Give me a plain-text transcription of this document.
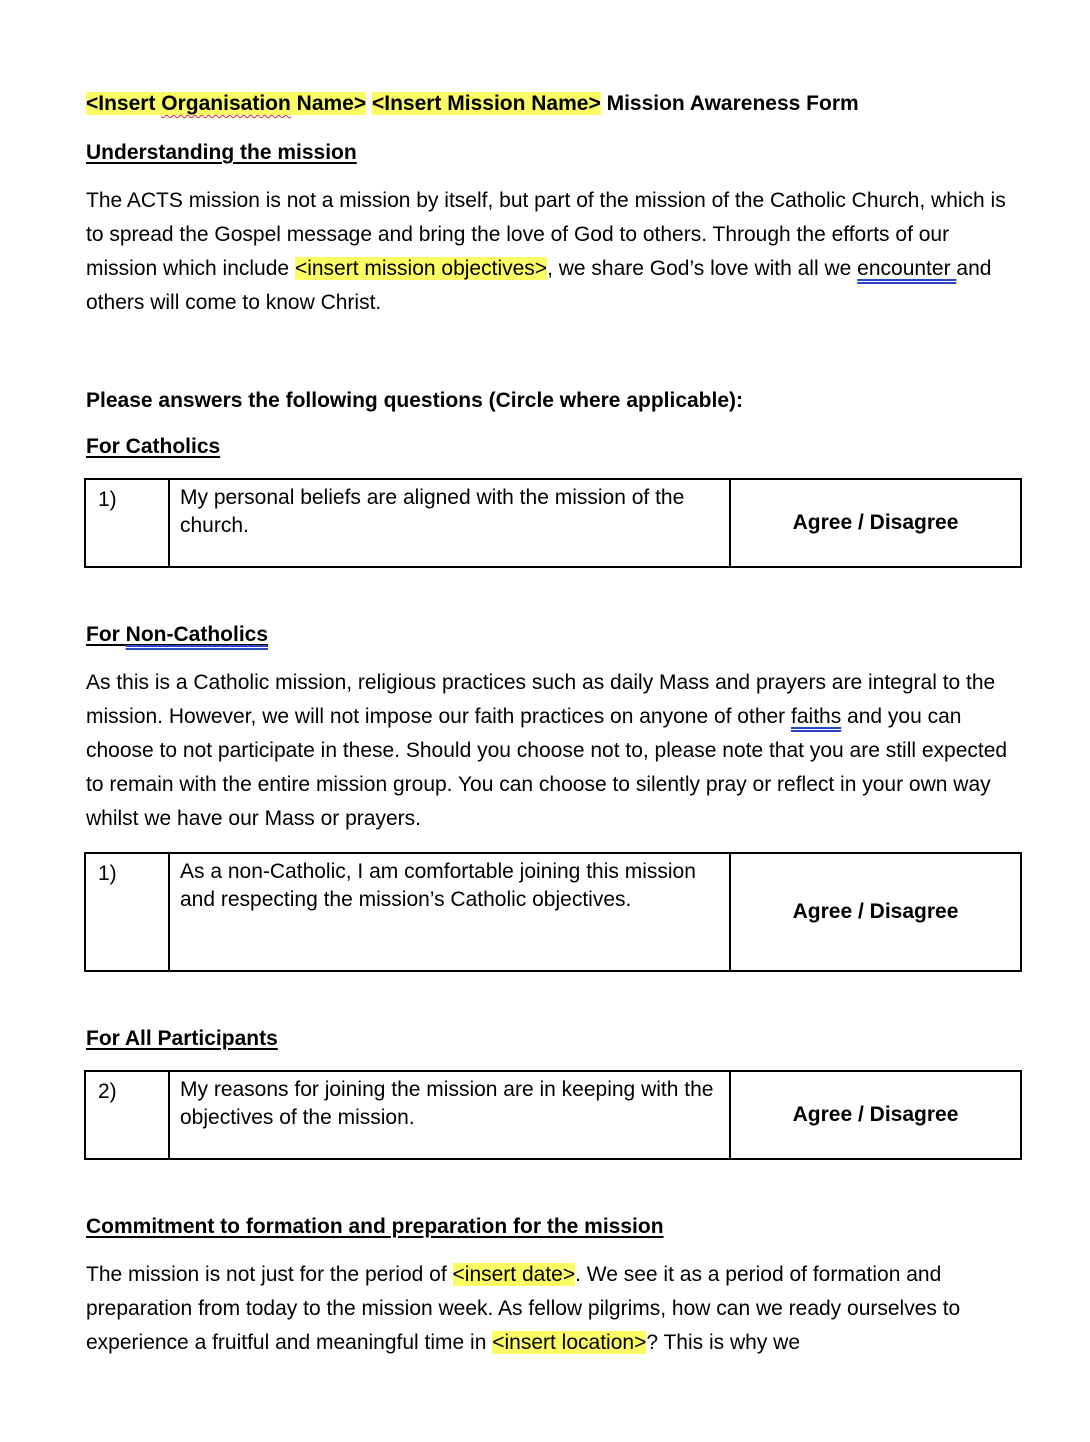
<Insert Organisation Name> <Insert Mission Name> Mission Awareness Form
Understanding the mission

The ACTS mission is not a mission by itself, but part of the mission of the Catholic Church, which is to spread the Gospel message and bring the love of God to others. Through the efforts of our mission which include <insert mission objectives>, we share God’s love with all we encounter and others will come to know Christ.

Please answers the following questions (Circle where applicable):
For Catholics
1)	My personal beliefs are aligned with the mission of the church.	Agree / Disagree
For Non-Catholics

As this is a Catholic mission, religious practices such as daily Mass and prayers are integral to the mission. However, we will not impose our faith practices on anyone of other faiths and you can choose to not participate in these. Should you choose not to, please note that you are still expected to remain with the entire mission group. You can choose to silently pray or reflect in your own way whilst we have our Mass or prayers.

1)	As a non-Catholic, I am comfortable joining this mission and respecting the mission’s Catholic objectives.	Agree / Disagree
For All Participants
2)	My reasons for joining the mission are in keeping with the objectives of the mission.	Agree / Disagree
Commitment to formation and preparation for the mission

The mission is not just for the period of <insert date>. We see it as a period of formation and preparation from today to the mission week. As fellow pilgrims, how can we ready ourselves to experience a fruitful and meaningful time in <insert location>? This is why we
